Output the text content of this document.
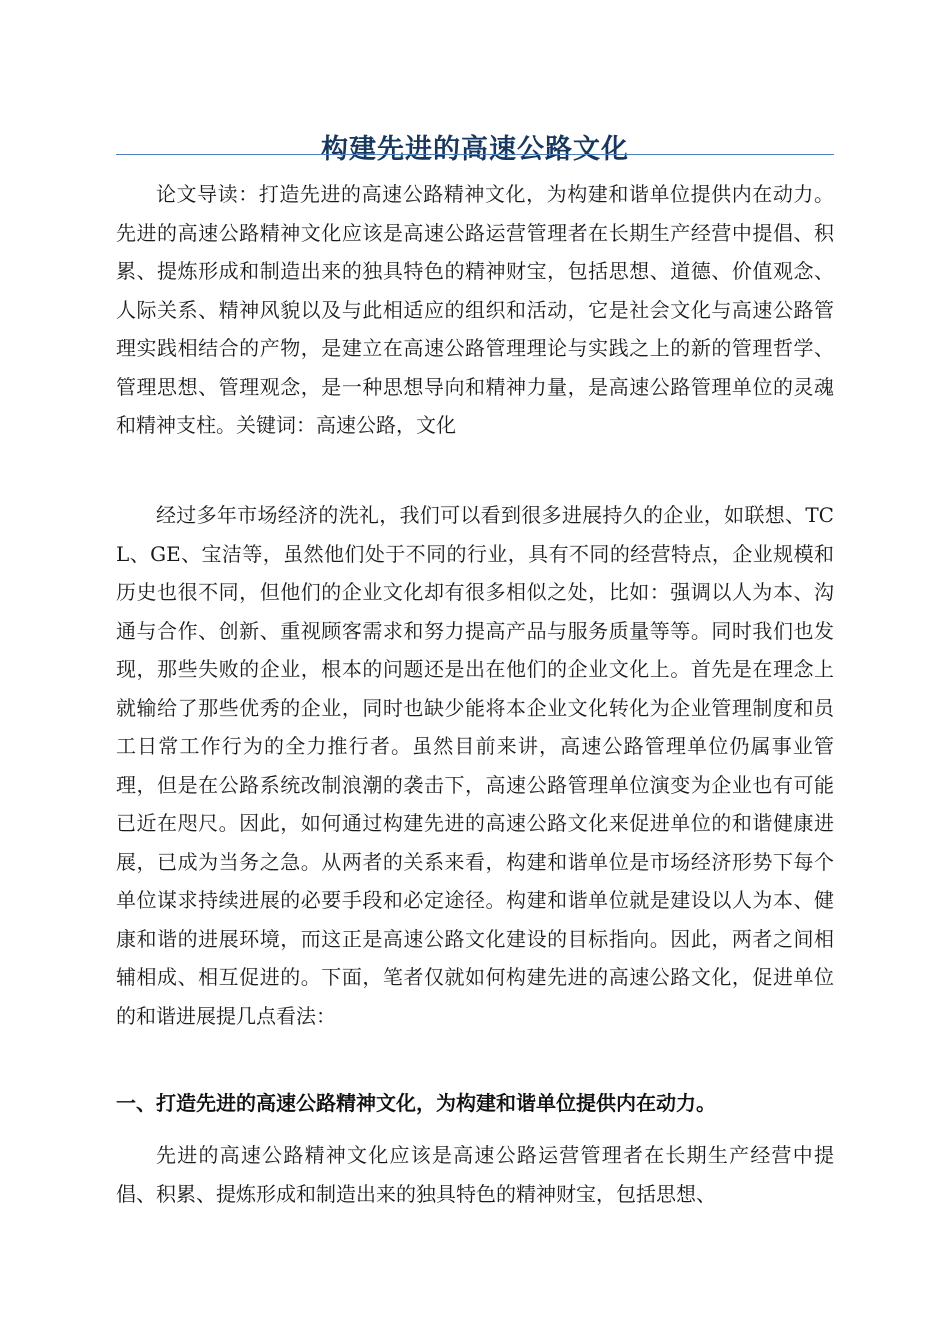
构建先进的高速公路文化

论文导读：打造先进的高速公路精神文化，为构建和谐单位提供内在动力。先进的高速公路精神文化应该是高速公路运营管理者在长期生产经营中提倡、积累、提炼形成和制造出来的独具特色的精神财宝，包括思想、道德、价值观念、人际关系、精神风貌以及与此相适应的组织和活动，它是社会文化与高速公路管理实践相结合的产物，是建立在高速公路管理理论与实践之上的新的管理哲学、管理思想、管理观念，是一种思想导向和精神力量，是高速公路管理单位的灵魂和精神支柱。关键词：高速公路，文化

经过多年市场经济的洗礼，我们可以看到很多进展持久的企业，如联想、TCL、GE、宝洁等，虽然他们处于不同的行业，具有不同的经营特点，企业规模和历史也很不同，但他们的企业文化却有很多相似之处，比如：强调以人为本、沟通与合作、创新、重视顾客需求和努力提高产品与服务质量等等。同时我们也发现，那些失败的企业，根本的问题还是出在他们的企业文化上。首先是在理念上就输给了那些优秀的企业，同时也缺少能将本企业文化转化为企业管理制度和员工日常工作行为的全力推行者。虽然目前来讲，高速公路管理单位仍属事业管理，但是在公路系统改制浪潮的袭击下，高速公路管理单位演变为企业也有可能已近在咫尺。因此，如何通过构建先进的高速公路文化来促进单位的和谐健康进展，已成为当务之急。从两者的关系来看，构建和谐单位是市场经济形势下每个单位谋求持续进展的必要手段和必定途径。构建和谐单位就是建设以人为本、健康和谐的进展环境，而这正是高速公路文化建设的目标指向。因此，两者之间相辅相成、相互促进的。下面，笔者仅就如何构建先进的高速公路文化，促进单位的和谐进展提几点看法：

一、打造先进的高速公路精神文化，为构建和谐单位提供内在动力。

先进的高速公路精神文化应该是高速公路运营管理者在长期生产经营中提倡、积累、提炼形成和制造出来的独具特色的精神财宝，包括思想、
